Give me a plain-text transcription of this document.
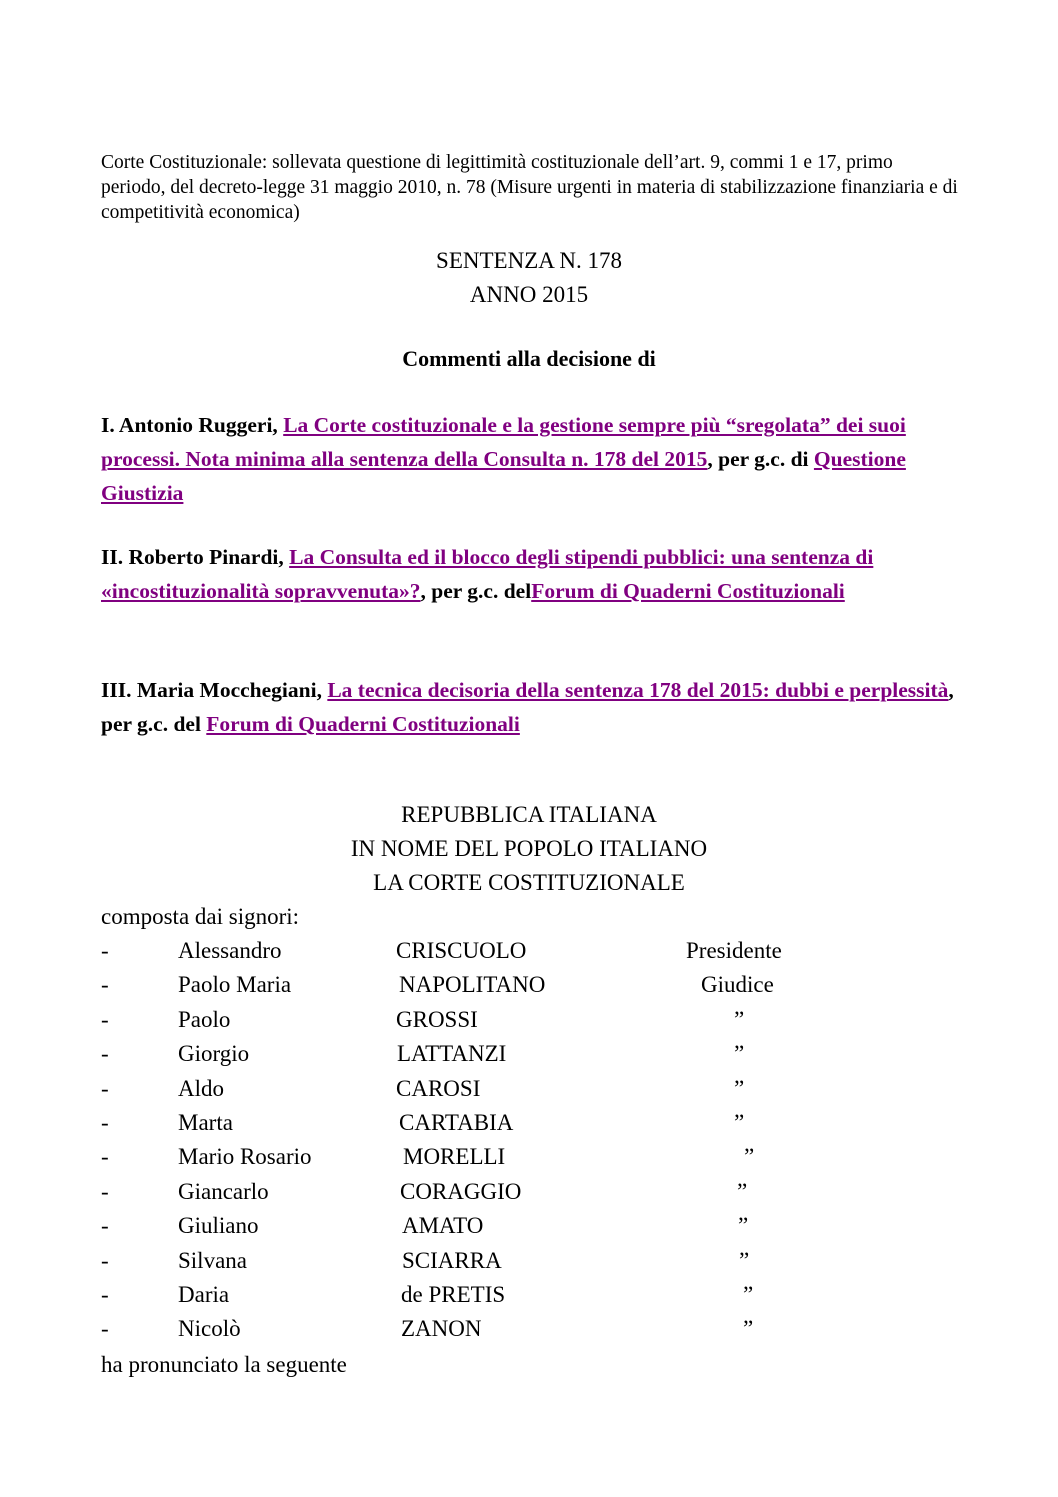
Corte Costituzionale: sollevata questione di legittimità costituzionale dell’art. 9, commi 1 e 17, primo periodo, del decreto-legge 31 maggio 2010, n. 78 (Misure urgenti in materia di stabilizzazione finanziaria e di competitività economica)
SENTENZA N. 178
ANNO 2015
Commenti alla decisione di
I. Antonio Ruggeri, La Corte costituzionale e la gestione sempre più “sregolata” dei suoi processi. Nota minima alla sentenza della Consulta n. 178 del 2015, per g.c. di Questione Giustizia
II. Roberto Pinardi, La Consulta ed il blocco degli stipendi pubblici: una sentenza di «incostituzionalità sopravvenuta»?, per g.c. delForum di Quaderni Costituzionali
III. Maria Mocchegiani, La tecnica decisoria della sentenza 178 del 2015: dubbi e perplessità, per g.c. del Forum di Quaderni Costituzionali
REPUBBLICA ITALIANA
IN NOME DEL POPOLO ITALIANO
LA CORTE COSTITUZIONALE
composta dai signori:
-	Alessandro	CRISCUOLO	Presidente
-	Paolo Maria	NAPOLITANO	Giudice
-	Paolo	GROSSI	”
-	Giorgio	LATTANZI	”
-	Aldo	CAROSI	”
-	Marta	CARTABIA	”
-	Mario Rosario	MORELLI	”
-	Giancarlo	CORAGGIO	”
-	Giuliano	AMATO	”
-	Silvana	SCIARRA	”
-	Daria	de PRETIS	”
-	Nicolò	ZANON	”
ha pronunciato la seguente
